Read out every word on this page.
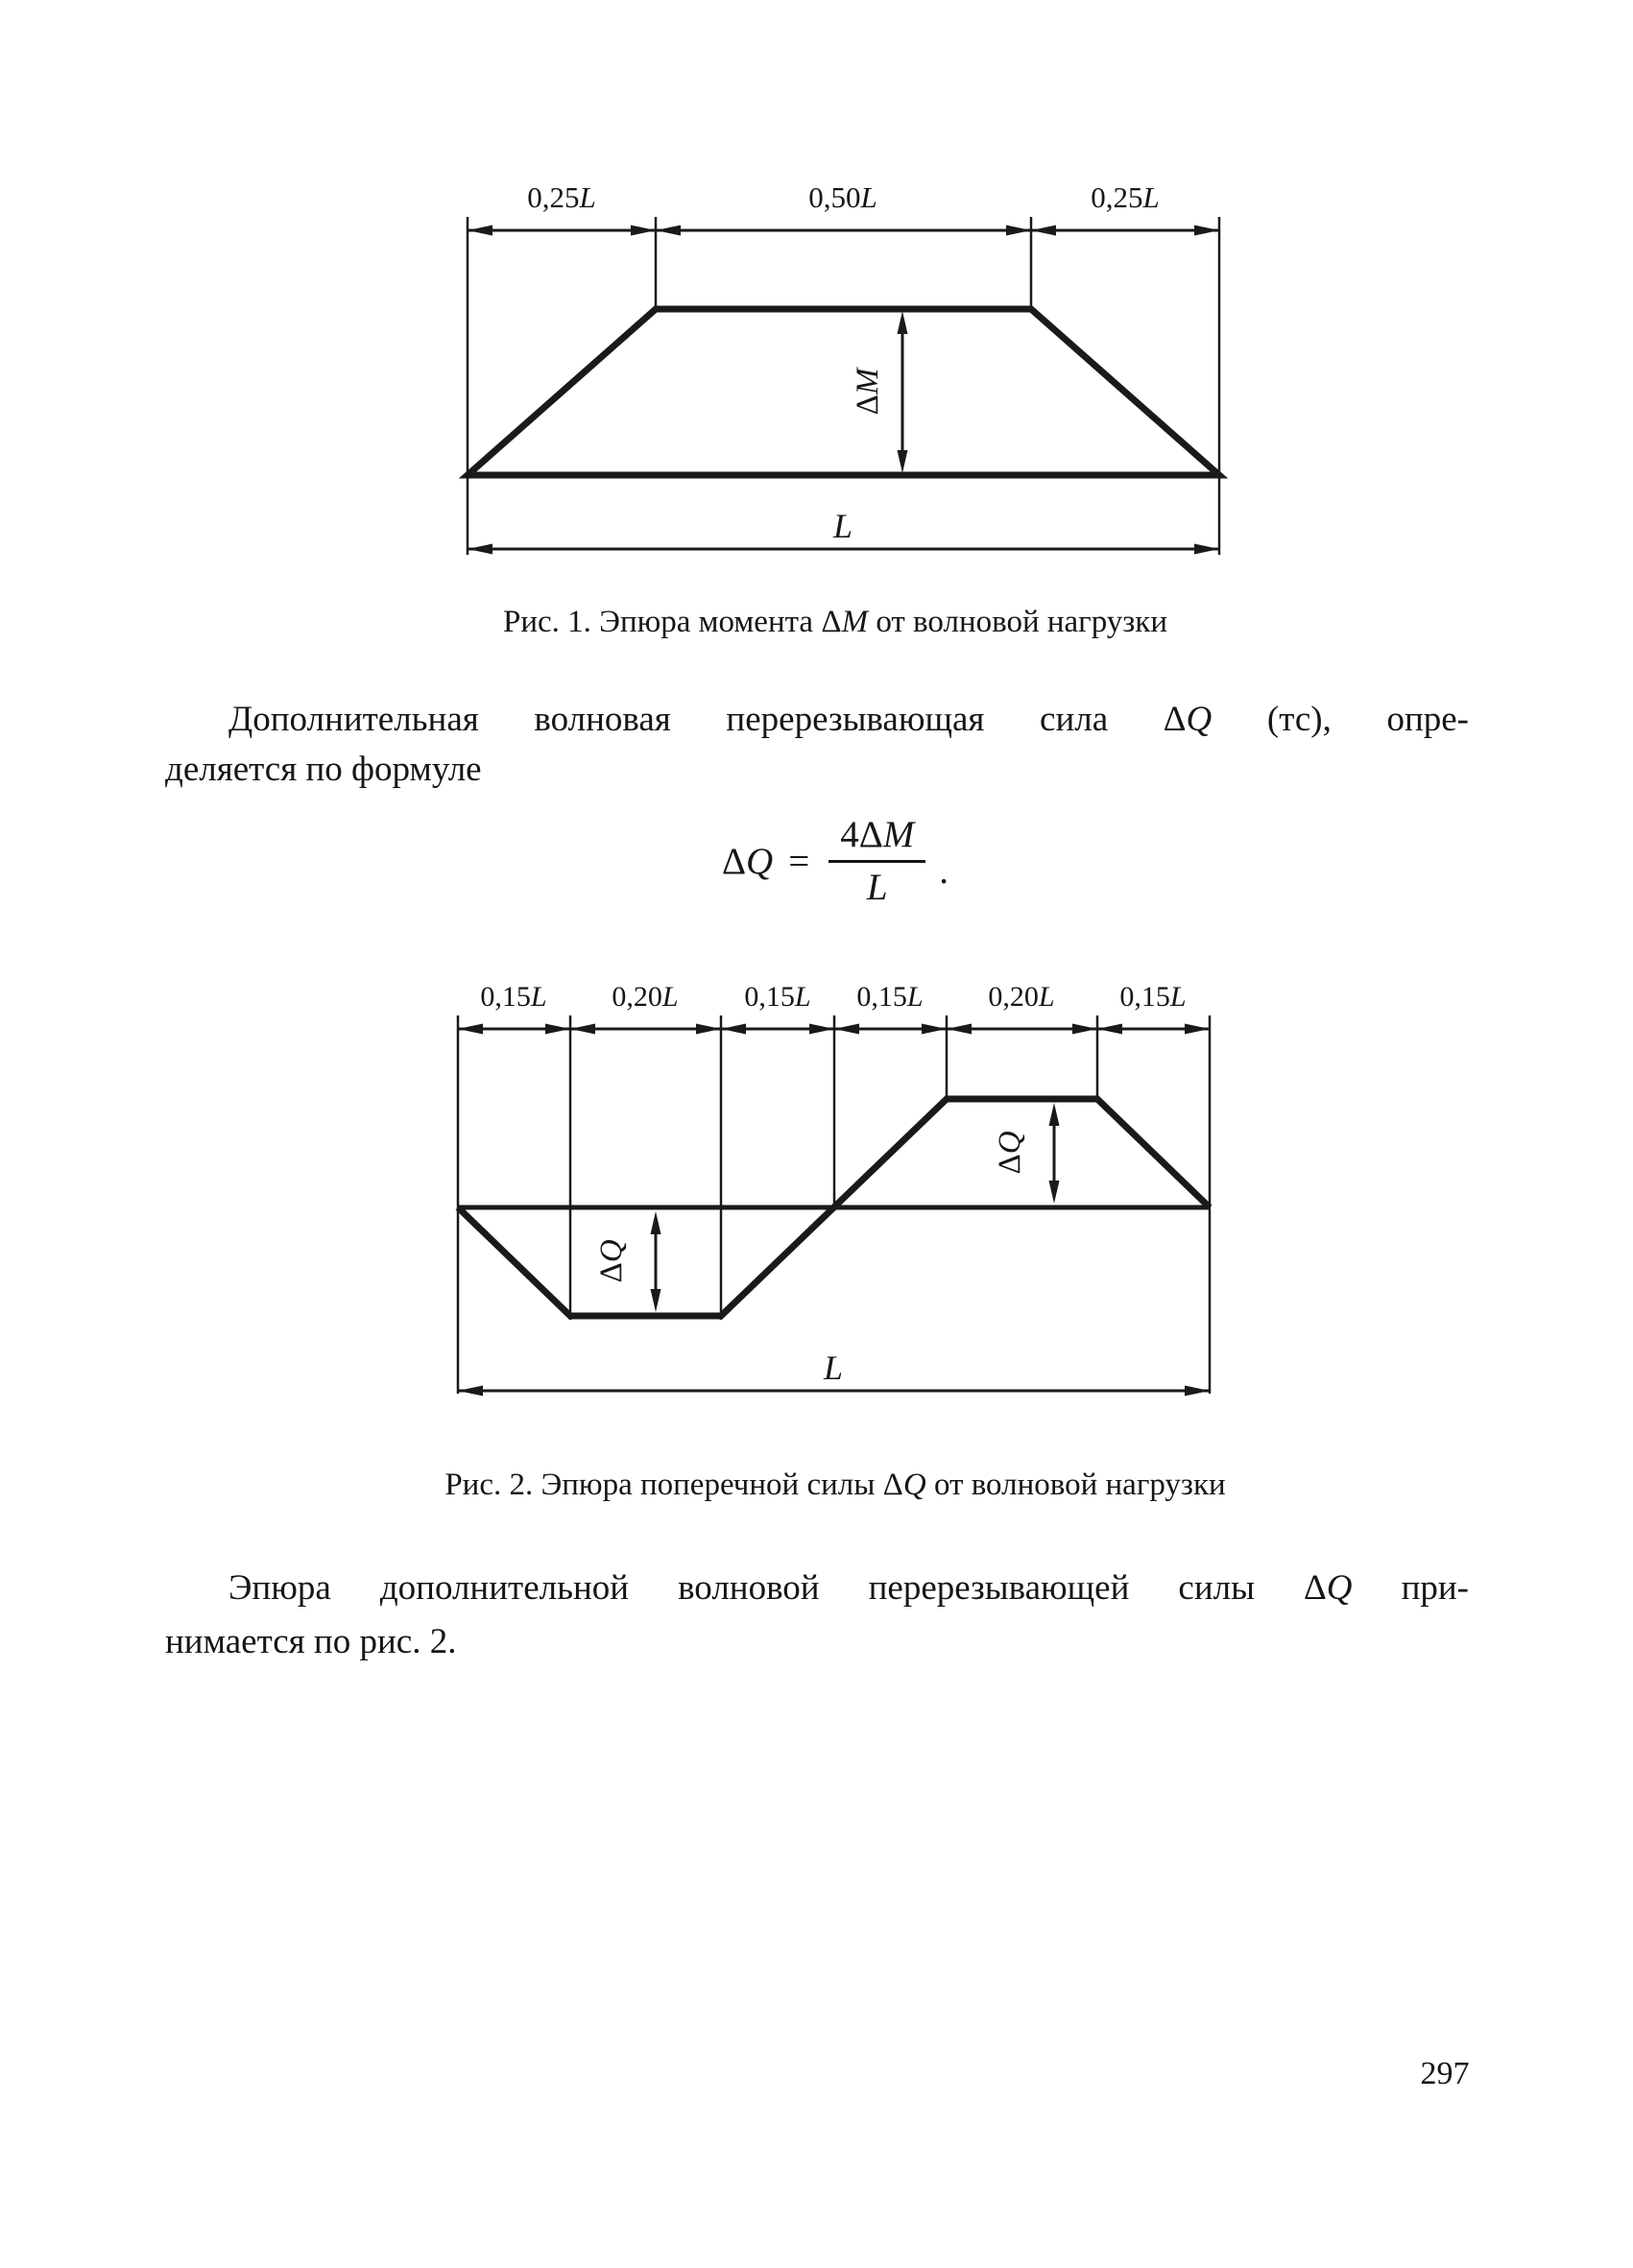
0,25L	0,50L	0,25L
ΔM
L
Рис. 1. Эпюра момента ΔM от волновой нагрузки
Дополнительная волновая перерезывающая сила ΔQ (тс), опре-
деляется по формуле
$\Delta Q = \frac{4\Delta M}{L}$ .
0,15L 0,20L 0,15L 0,15L 0,20L 0,15L
ΔQ
ΔQ
L
Рис. 2. Эпюра поперечной силы ΔQ от волновой нагрузки
Эпюра дополнительной волновой перерезывающей силы ΔQ при-
нимается по рис. 2.
297
